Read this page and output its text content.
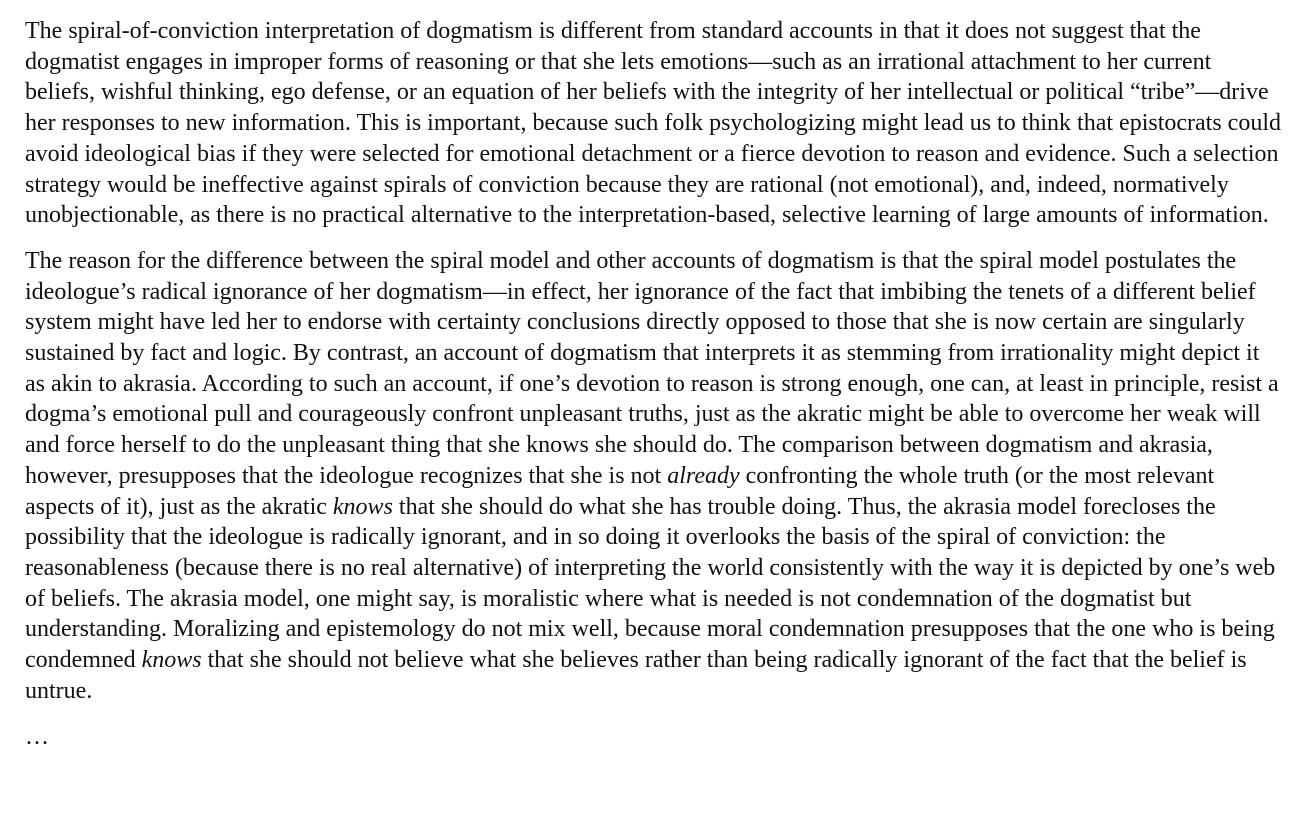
The spiral-of-conviction interpretation of dogmatism is different from standard accounts in that it does not suggest that the dogmatist engages in improper forms of reasoning or that she lets emotions—such as an irrational attachment to her current beliefs, wishful thinking, ego defense, or an equation of her beliefs with the integrity of her intellectual or political “tribe”—drive her responses to new information. This is important, because such folk psychologizing might lead us to think that epistocrats could avoid ideological bias if they were selected for emotional detachment or a fierce devotion to reason and evidence. Such a selection strategy would be ineffective against spirals of conviction because they are rational (not emotional), and, indeed, normatively unobjectionable, as there is no practical alternative to the interpretation-based, selective learning of large amounts of information.

The reason for the difference between the spiral model and other accounts of dogmatism is that the spiral model postulates the ideologue’s radical ignorance of her dogmatism—in effect, her ignorance of the fact that imbibing the tenets of a different belief system might have led her to endorse with certainty conclusions directly opposed to those that she is now certain are singularly sustained by fact and logic. By contrast, an account of dogmatism that interprets it as stemming from irrationality might depict it as akin to akrasia. According to such an account, if one’s devotion to reason is strong enough, one can, at least in principle, resist a dogma’s emotional pull and courageously confront unpleasant truths, just as the akratic might be able to overcome her weak will and force herself to do the unpleasant thing that she knows she should do. The comparison between dogmatism and akrasia, however, presupposes that the ideologue recognizes that she is not already confronting the whole truth (or the most relevant aspects of it), just as the akratic knows that she should do what she has trouble doing. Thus, the akrasia model forecloses the possibility that the ideologue is radically ignorant, and in so doing it overlooks the basis of the spiral of conviction: the reasonableness (because there is no real alternative) of interpreting the world consistently with the way it is depicted by one’s web of beliefs. The akrasia model, one might say, is moralistic where what is needed is not condemnation of the dogmatist but understanding. Moralizing and epistemology do not mix well, because moral condemnation presupposes that the one who is being condemned knows that she should not believe what she believes rather than being radically ignorant of the fact that the belief is untrue.

…
